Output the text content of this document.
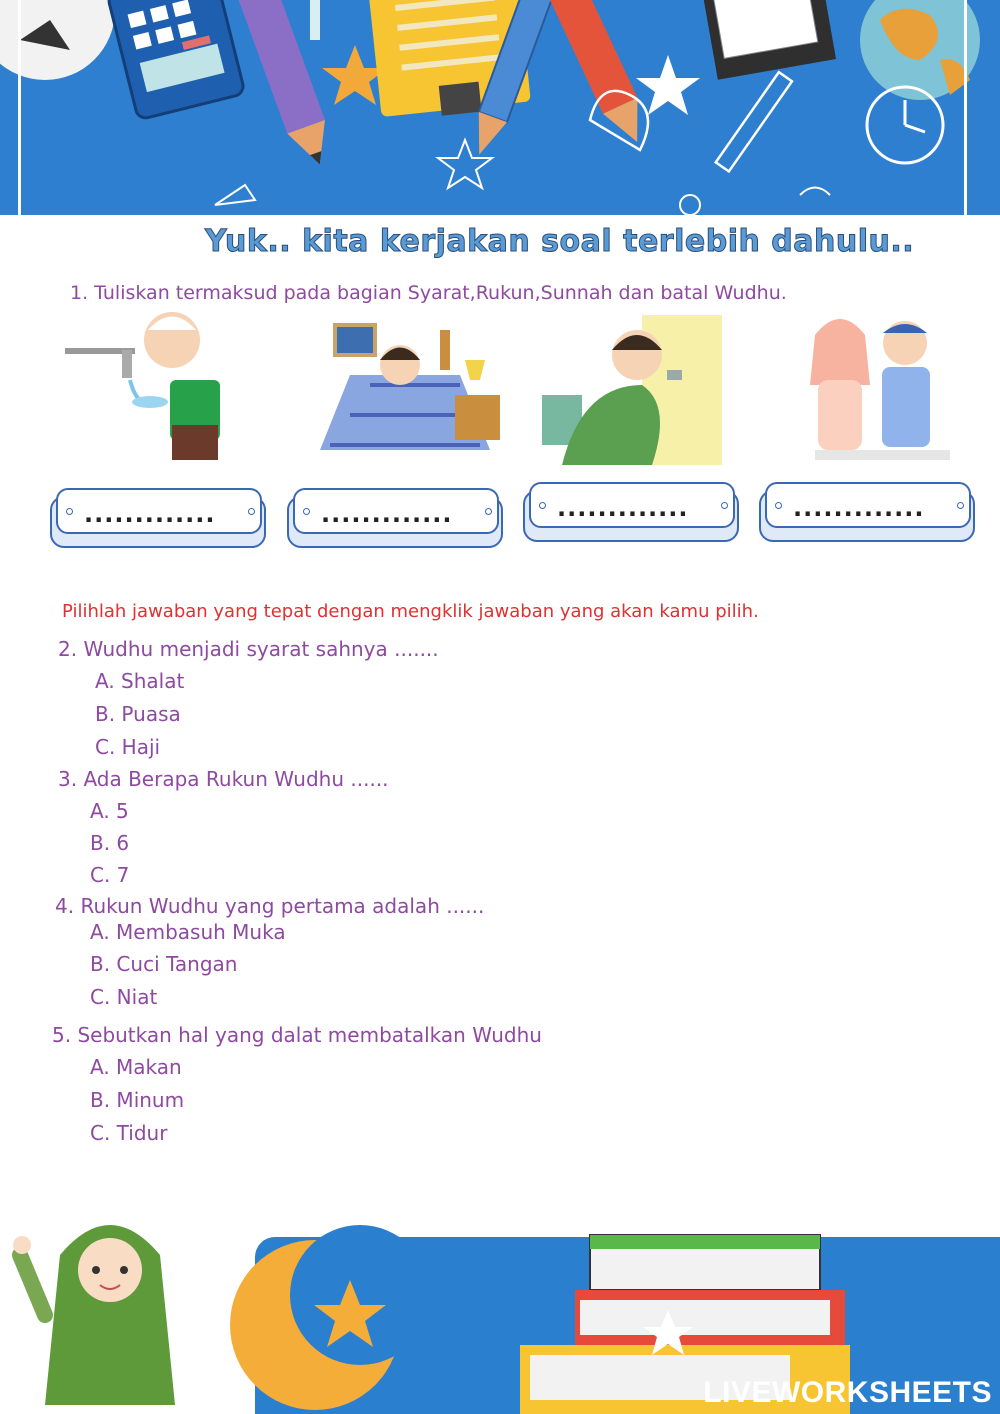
Yuk.. kita kerjakan soal terlebih dahulu..
1. Tuliskan termaksud pada bagian Syarat,Rukun,Sunnah dan batal Wudhu.
.............	.............	.............	.............
Pilihlah jawaban yang tepat dengan mengklik jawaban yang akan kamu pilih.
2. Wudhu menjadi syarat sahnya .......
A. Shalat
B. Puasa
C. Haji
3. Ada Berapa Rukun Wudhu ......
A. 5
B. 6
C. 7
4. Rukun Wudhu yang pertama adalah ......
A. Membasuh Muka
B. Cuci Tangan
C. Niat
5. Sebutkan hal yang dalat membatalkan Wudhu
A. Makan
B. Minum
C. Tidur
LIVEWORKSHEETS
